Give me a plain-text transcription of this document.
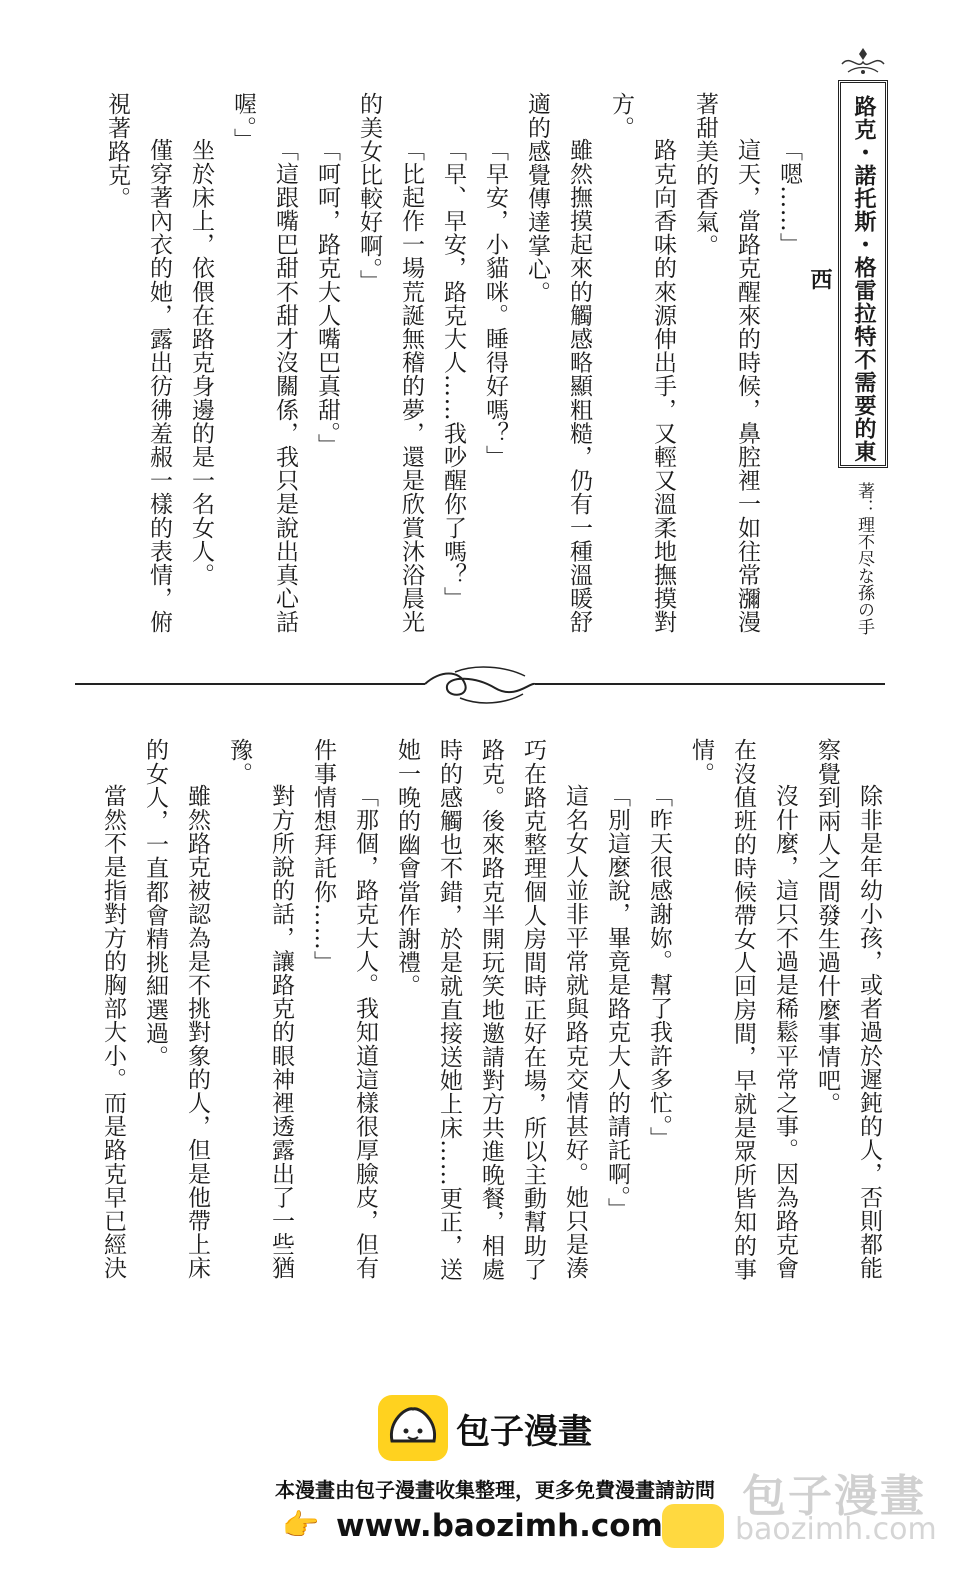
路克・諾托斯・格雷拉特不需要的東西
著：理不尽な孫の手
「嗯……」
這天，當路克醒來的時候，鼻腔裡一如往常瀰漫
著甜美的香氣。
路克向香味的來源伸出手，又輕又溫柔地撫摸對
方。
雖然撫摸起來的觸感略顯粗糙，仍有一種溫暖舒
適的感覺傳達掌心。
「早安，小貓咪。睡得好嗎？」
「早、早安，路克大人……我吵醒你了嗎？」
「比起作一場荒誕無稽的夢，還是欣賞沐浴晨光
的美女比較好啊。」
「呵呵，路克大人嘴巴真甜。」
「這跟嘴巴甜不甜才沒關係，我只是說出真心話
喔。」
坐於床上，依偎在路克身邊的是一名女人。
僅穿著內衣的她，露出彷彿羞赧一樣的表情，俯
視著路克。
除非是年幼小孩，或者過於遲鈍的人，否則都能
察覺到兩人之間發生過什麼事情吧。
沒什麼，這只不過是稀鬆平常之事。因為路克會
在沒值班的時候帶女人回房間，早就是眾所皆知的事
情。
「昨天很感謝妳。幫了我許多忙。」
「別這麼說，畢竟是路克大人的請託啊。」
這名女人並非平常就與路克交情甚好。她只是湊
巧在路克整理個人房間時正好在場，所以主動幫助了
路克。後來路克半開玩笑地邀請對方共進晚餐，相處
時的感觸也不錯，於是就直接送她上床……更正，送
她一晚的幽會當作謝禮。
「那個，路克大人。我知道這樣很厚臉皮，但有
件事情想拜託你……」
對方所說的話，讓路克的眼神裡透露出了一些猶
豫。
雖然路克被認為是不挑對象的人，但是他帶上床
的女人，一直都會精挑細選過。
當然不是指對方的胸部大小。而是路克早已經決
包子漫畫
包子漫畫
baozimh.com
本漫畫由包子漫畫收集整理，更多免費漫畫請訪問
👉 www.baozimh.com
